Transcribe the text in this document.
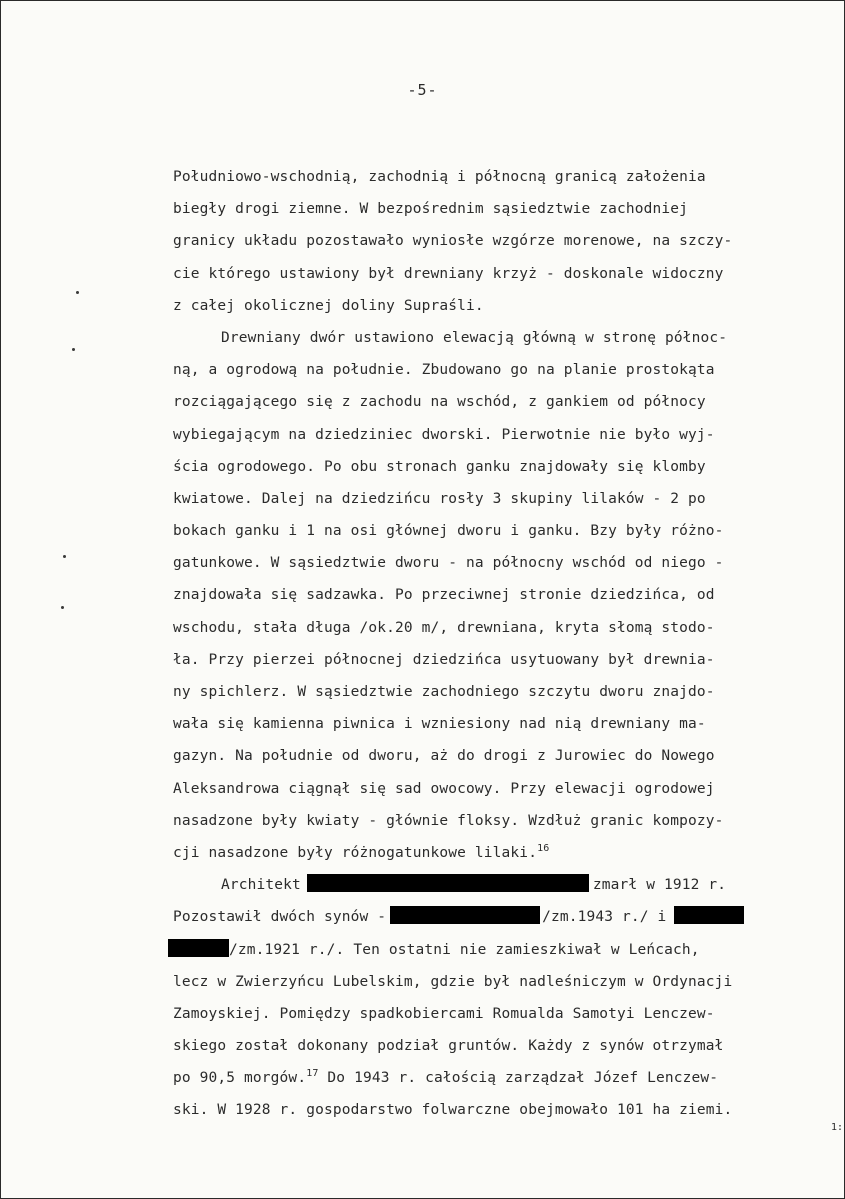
-5-
Południowo-wschodnią, zachodnią i północną granicą założenia
biegły drogi ziemne. W bezpośrednim sąsiedztwie zachodniej
granicy układu pozostawało wyniosłe wzgórze morenowe, na szczy-
cie którego ustawiony był drewniany krzyż - doskonale widoczny
z całej okolicznej doliny Supraśli.
Drewniany dwór ustawiono elewacją główną w stronę północ-
ną, a ogrodową na południe. Zbudowano go na planie prostokąta
rozciągającego się z zachodu na wschód, z gankiem od północy
wybiegającym na dziedziniec dworski. Pierwotnie nie było wyj-
ścia ogrodowego. Po obu stronach ganku znajdowały się klomby
kwiatowe. Dalej na dziedzińcu rosły 3 skupiny lilaków - 2 po
bokach ganku i 1 na osi głównej dworu i ganku. Bzy były różno-
gatunkowe. W sąsiedztwie dworu - na północny wschód od niego -
znajdowała się sadzawka. Po przeciwnej stronie dziedzińca, od
wschodu, stała długa /ok.20 m/, drewniana, kryta słomą stodo-
ła. Przy pierzei północnej dziedzińca usytuowany był drewnia-
ny spichlerz. W sąsiedztwie zachodniego szczytu dworu znajdo-
wała się kamienna piwnica i wzniesiony nad nią drewniany ma-
gazyn. Na południe od dworu, aż do drogi z Jurowiec do Nowego
Aleksandrowa ciągnął się sad owocowy. Przy elewacji ogrodowej
nasadzone były kwiaty - głównie floksy. Wzdłuż granic kompozy-
cji nasadzone były różnogatunkowe lilaki.$^{16}$
Architekt	zmarł w 1912 r.
Pozostawił dwóch synów -	/zm.1943 r./ i
/zm.1921 r./. Ten ostatni nie zamieszkiwał w Leńcach,
lecz w Zwierzyńcu Lubelskim, gdzie był nadleśniczym w Ordynacji
Zamoyskiej. Pomiędzy spadkobiercami Romualda Samotyi Lenczew-
skiego został dokonany podział gruntów. Każdy z synów otrzymał
po 90,5 morgów.$^{17}$ Do 1943 r. całością zarządzał Józef Lenczew-
ski. W 1928 r. gospodarstwo folwarczne obejmowało 101 ha ziemi.
1:
